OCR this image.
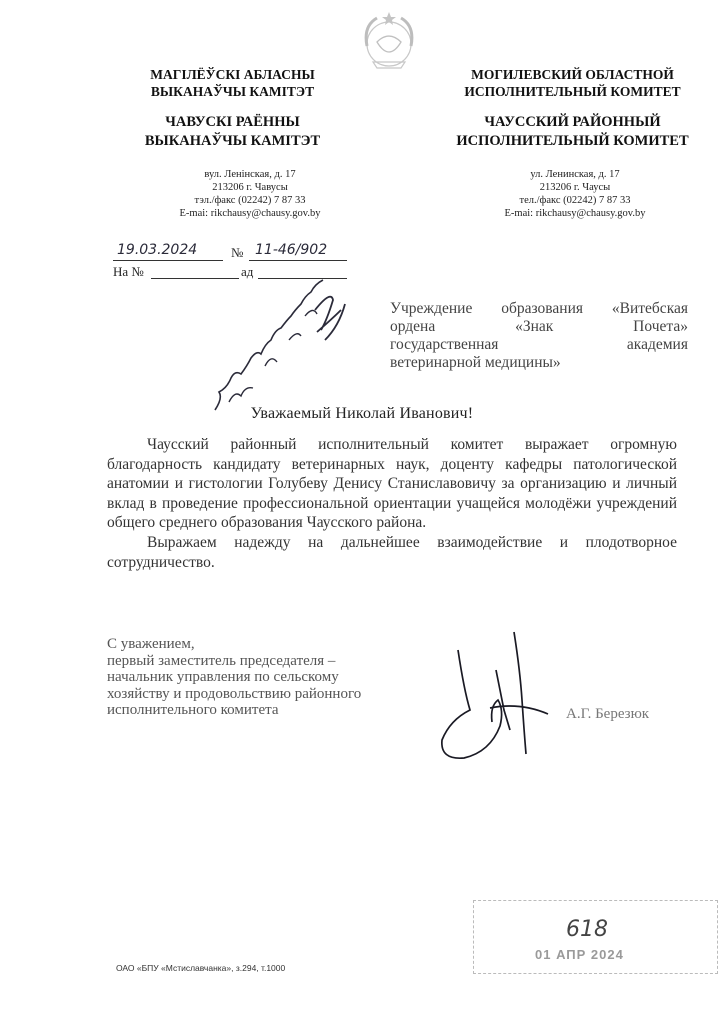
МАГІЛЁЎСКІ АБЛАСНЫ
ВЫКАНАЎЧЫ КАМІТЭТ
ЧАВУСКІ РАЁННЫ
ВЫКАНАЎЧЫ КАМІТЭТ
вул. Ленінская, д. 17
213206 г. Чавусы
тэл./факс (02242) 7 87 33
E-mai: rikchausy@chausy.gov.by
МОГИЛЕВСКИЙ ОБЛАСТНОЙ
ИСПОЛНИТЕЛЬНЫЙ КОМИТЕТ
ЧАУССКИЙ РАЙОННЫЙ
ИСПОЛНИТЕЛЬНЫЙ КОМИТЕТ
ул. Ленинская, д. 17
213206 г. Чаусы
тел./факс (02242) 7 87 33
E-mai: rikchausy@chausy.gov.by
19.03.2024	№ 11-46/902
На №	ад
Учреждение образования «Витебская
ордена «Знак Почета»
государственная академия
ветеринарной медицины»
Уважаемый Николай Иванович!

Чаусский районный исполнительный комитет выражает огромную благодарность кандидату ветеринарных наук, доценту кафедры патологической анатомии и гистологии Голубеву Денису Станиславовичу за организацию и личный вклад в проведение профессиональной ориентации учащейся молодёжи учреждений общего среднего образования Чаусского района.

Выражаем надежду на дальнейшее взаимодействие и плодотворное сотрудничество.

С уважением,
первый заместитель председателя –
начальник управления по сельскому
хозяйству и продовольствию районного
исполнительного комитета	А.Г. Березюк
618
01 АПР 2024
ОАО «БПУ «Мстиславчанка», з.294, т.1000
